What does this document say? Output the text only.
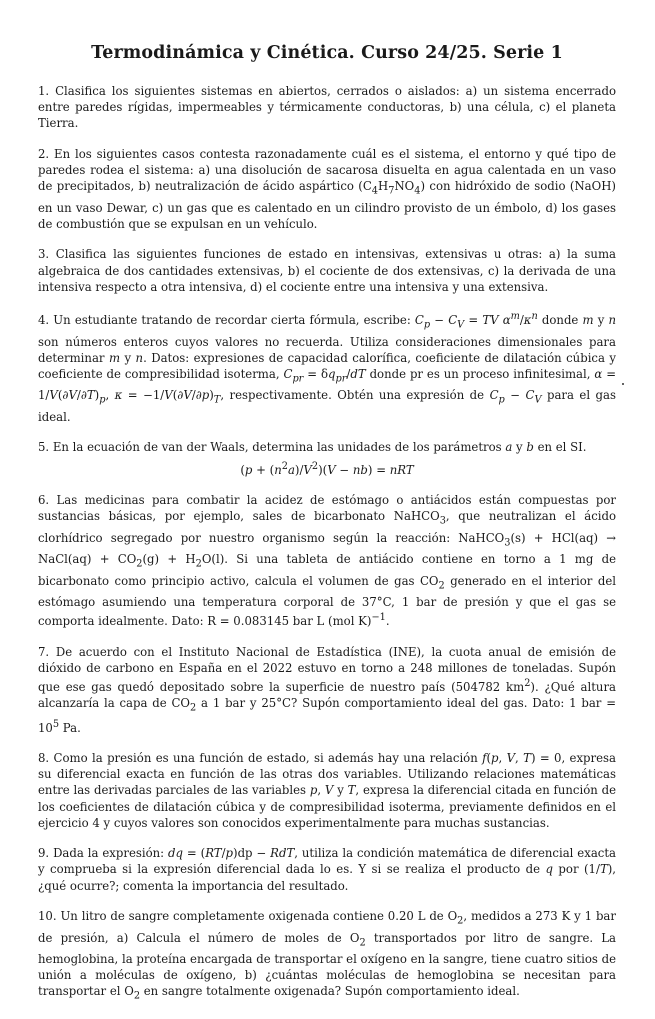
Termodinámica y Cinética. Curso 24/25. Serie 1

1. Clasifica los siguientes sistemas en abiertos, cerrados o aislados: a) un sistema encerrado entre paredes rígidas, impermeables y térmicamente conductoras, b) una célula, c) el planeta Tierra.

2. En los siguientes casos contesta razonadamente cuál es el sistema, el entorno y qué tipo de paredes rodea el sistema: a) una disolución de sacarosa disuelta en agua calentada en un vaso de precipitados, b) neutralización de ácido aspártico $(C_4H_7NO_4)$ con hidróxido de sodio (NaOH) en un vaso Dewar, c) un gas que es calentado en un cilindro provisto de un émbolo, d) los gases de combustión que se expulsan en un vehículo.

3. Clasifica las siguientes funciones de estado en intensivas, extensivas u otras: a) la suma algebraica de dos cantidades extensivas, b) el cociente de dos extensivas, c) la derivada de una intensiva respecto a otra intensiva, d) el cociente entre una intensiva y una extensiva.

4. Un estudiante tratando de recordar cierta fórmula, escribe: $C_p - C_V$ = TV $\alpha^m/\kappa^n$ donde m y n son números enteros cuyos valores no recuerda. Utiliza consideraciones dimensionales para determinar m y n. Datos: expresiones de capacidad calorífica, coeficiente de dilatación cúbica y coeficiente de compresibilidad isoterma, $C_{pr} = \delta q_{pr}/dT$ donde pr es un proceso infinitesimal, $\alpha = 1/V(\partial V/\partial T)_p$, $\kappa = -1/V(\partial V/\partial p)_T$, respectivamente. Obtén una expresión de $C_p - C_V$ para el gas ideal.

5. En la ecuación de van der Waals, determina las unidades de los parámetros a y b en el SI.
$(p + (n^2a)/V^2)(V - nb)$ = nRT

6. Las medicinas para combatir la acidez de estómago o antiácidos están compuestas por sustancias básicas, por ejemplo, sales de bicarbonato NaHCO$_3$, que neutralizan el ácido clorhídrico segregado por nuestro organismo según la reacción: NaHCO$_3$(s) + HCl(aq) → NaCl(aq) + $CO_2(g) + H_2O(l)$. Si una tableta de antiácido contiene en torno a 1 mg de bicarbonato como principio activo, calcula el volumen de gas $CO_2$ generado en el interior del estómago asumiendo una temperatura corporal de 37°C, 1 bar de presión y que el gas se comporta idealmente. Dato: R = 0.083145 bar L (mol K)$^{-1}$.

7. De acuerdo con el Instituto Nacional de Estadística (INE), la cuota anual de emisión de dióxido de carbono en España en el 2022 estuvo en torno a 248 millones de toneladas. Supón que ese gas quedó depositado sobre la superficie de nuestro país (504782 $km^2$). ¿Qué altura alcanzaría la capa de $CO_2$ a 1 bar y 25°C? Supón comportamiento ideal del gas. Dato: 1 bar = $10^5$ Pa.

8. Como la presión es una función de estado, si además hay una relación f(p, V, T) = 0, expresa su diferencial exacta en función de las otras dos variables. Utilizando relaciones matemáticas entre las derivadas parciales de las variables p, V y T, expresa la diferencial citada en función de los coeficientes de dilatación cúbica y de compresibilidad isoterma, previamente definidos en el ejercicio 4 y cuyos valores son conocidos experimentalmente para muchas sustancias.

9. Dada la expresión: dq = (RT/p)dp − RdT, utiliza la condición matemática de diferencial exacta y comprueba si la expresión diferencial dada lo es. Y si se realiza el producto de q por (1/T), ¿qué ocurre?; comenta la importancia del resultado.

10. Un litro de sangre completamente oxigenada contiene 0.20 L de $O_2$, medidos a 273 K y 1 bar de presión, a) Calcula el número de moles de $O_2$ transportados por litro de sangre. La hemoglobina, la proteína encargada de transportar el oxígeno en la sangre, tiene cuatro sitios de unión a moléculas de oxígeno, b) ¿cuántas moléculas de hemoglobina se necesitan para transportar el $O_2$ en sangre totalmente oxigenada? Supón comportamiento ideal.
